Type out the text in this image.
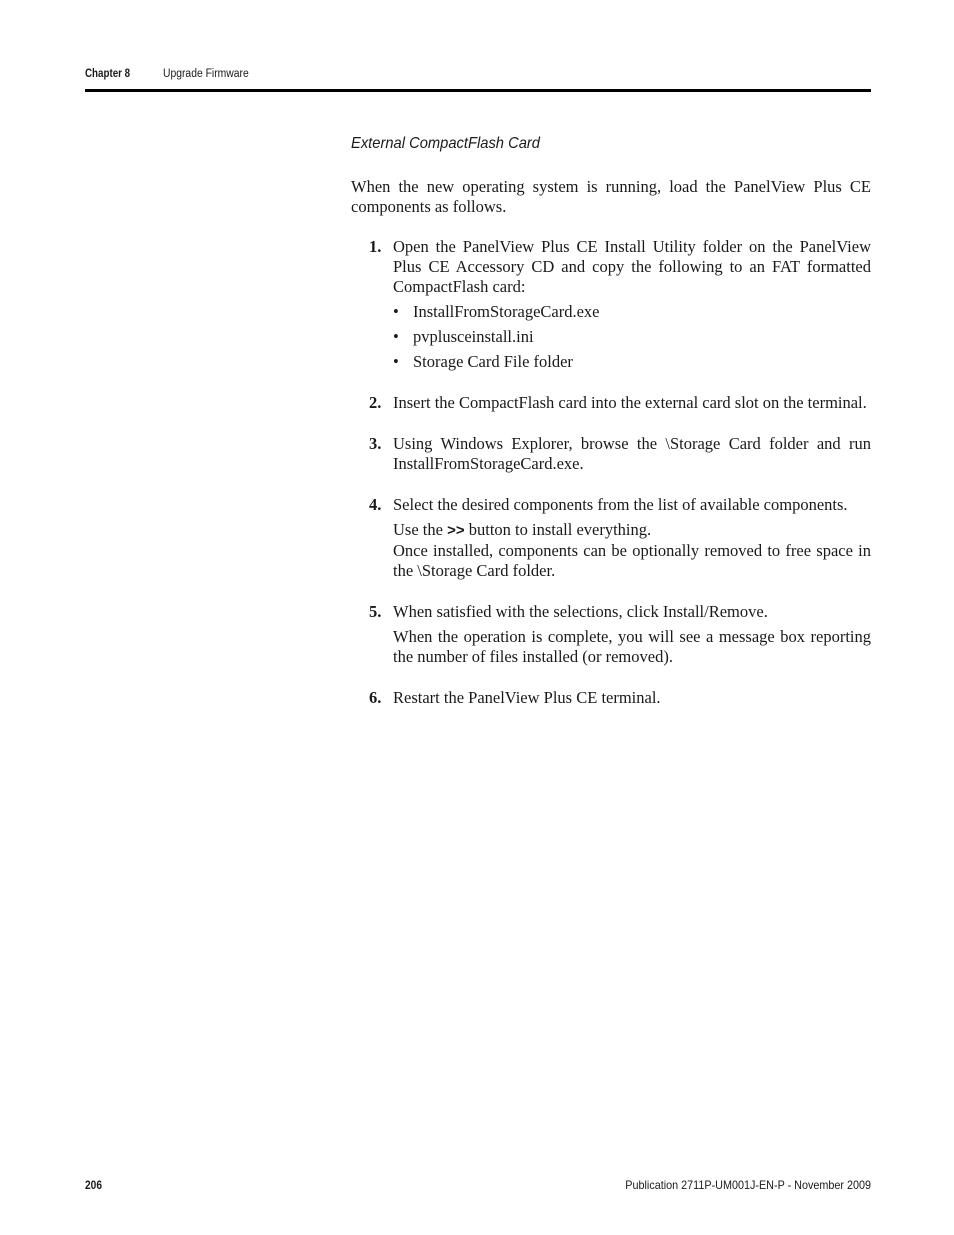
Chapter 8	Upgrade Firmware
External CompactFlash Card

When the new operating system is running, load the PanelView Plus CE components as follows.

1. Open the PanelView Plus CE Install Utility folder on the PanelView Plus CE Accessory CD and copy the following to an FAT formatted CompactFlash card:

• InstallFromStorageCard.exe
• pvplusceinstall.ini
• Storage Card File folder
2. Insert the CompactFlash card into the external card slot on the terminal.

3. Using Windows Explorer, browse the \Storage Card folder and run InstallFromStorageCard.exe.

4. Select the desired components from the list of available components.

Use the >> button to install everything.

Once installed, components can be optionally removed to free space in the \Storage Card folder.

5. When satisfied with the selections, click Install/Remove.

When the operation is complete, you will see a message box reporting the number of files installed (or removed).

6. Restart the PanelView Plus CE terminal.

206	Publication 2711P-UM001J-EN-P - November 2009
